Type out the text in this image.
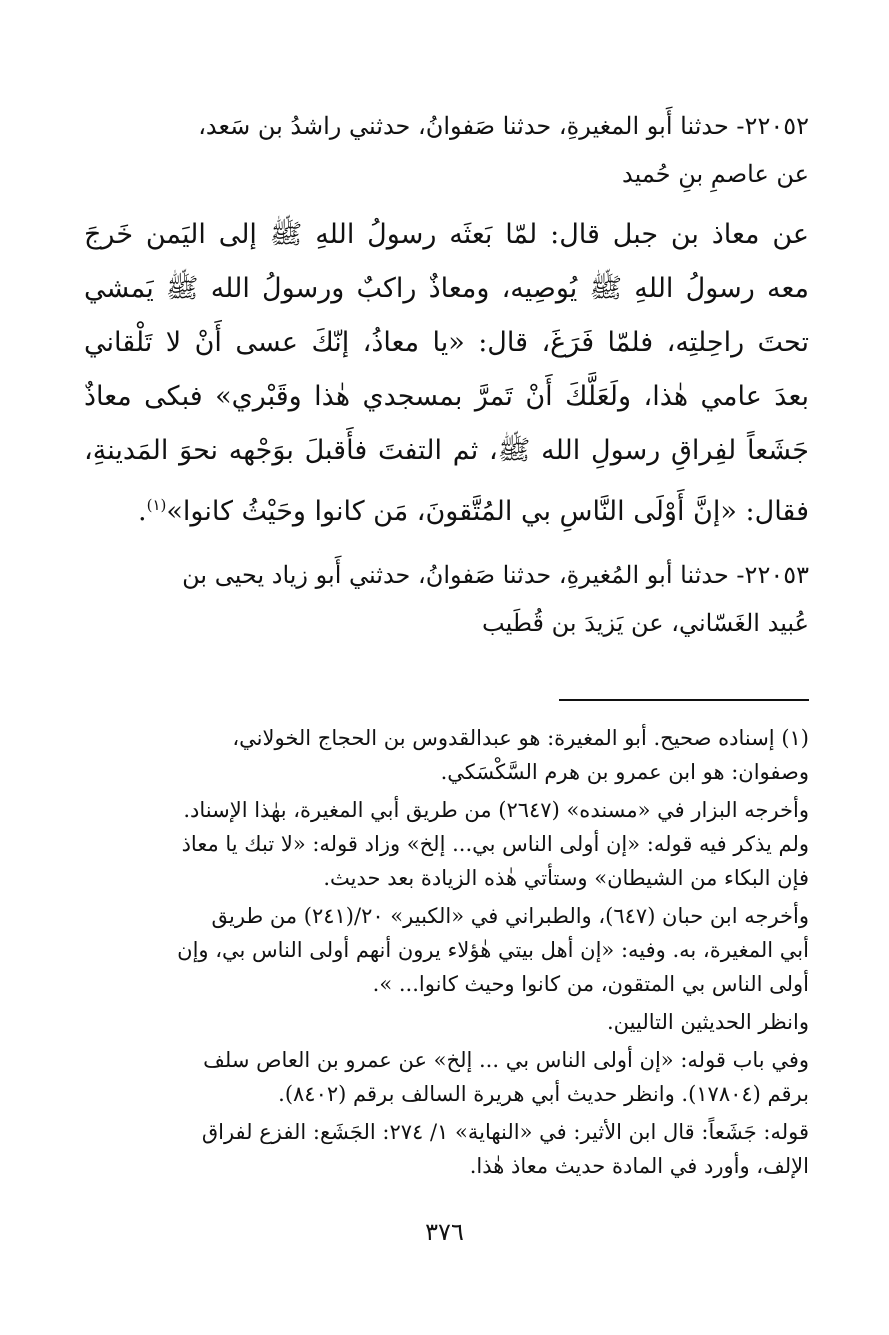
٢٢٠٥٢- حدثنا أَبو المغيرةِ، حدثنا صَفوانُ، حدثني راشدُ بن سَعد،
عن عاصمِ بنِ حُميد

عن معاذ بن جبل قال: لمّا بَعثَه رسولُ اللهِ ﷺ إلى اليَمن خَرجَ
معه رسولُ اللهِ ﷺ يُوصِيه، ومعاذٌ راكبٌ ورسولُ الله ﷺ يَمشي
تحتَ راحِلتِه، فلمّا فَرَغَ، قال: «يا معاذُ، إنّكَ عسى أَنْ لا تَلْقاني
بعدَ عامي هٰذا، ولَعَلَّكَ أَنْ تَمرَّ بمسجدي هٰذا وقَبْري» فبكى معاذٌ
جَشَعاً لفِراقِ رسولِ الله ﷺ، ثم التفتَ فأَقبلَ بوَجْهه نحوَ المَدينةِ،
فقال: «إنَّ أَوْلَى النَّاسِ بي المُتَّقونَ، مَن كانوا وحَيْثُ كانوا»$^{(١)}$.

٢٢٠٥٣- حدثنا أبو المُغيرةِ، حدثنا صَفوانُ، حدثني أَبو زياد يحيى بن
عُبيد الغَسّاني، عن يَزيدَ بن قُطَيب

(١) إسناده صحيح. أبو المغيرة: هو عبدالقدوس بن الحجاج الخولاني،
وصفوان: هو ابن عمرو بن هرم السَّكْسَكي.

وأخرجه البزار في «مسنده» (٢٦٤٧) من طريق أبي المغيرة، بهٰذا الإسناد.
ولم يذكر فيه قوله: «إن أولى الناس بي... إلخ» وزاد قوله: «لا تبك يا معاذ
فإن البكاء من الشيطان» وستأتي هٰذه الزيادة بعد حديث.

وأخرجه ابن حبان (٦٤٧)، والطبراني في «الكبير» ٢٠/(٢٤١) من طريق
أبي المغيرة، به. وفيه: «إن أهل بيتي هٰؤلاء يرون أنهم أولى الناس بي، وإن
أولى الناس بي المتقون، من كانوا وحيث كانوا... ».

وانظر الحديثين التاليين.

وفي باب قوله: «إن أولى الناس بي ... إلخ» عن عمرو بن العاص سلف
برقم (١٧٨٠٤). وانظر حديث أبي هريرة السالف برقم (٨٤٠٢).

قوله: جَشَعاً: قال ابن الأثير: في «النهاية» ١/ ٢٧٤: الجَشَع: الفزع لفراق
الإلف، وأورد في المادة حديث معاذ هٰذا.

٣٧٦
